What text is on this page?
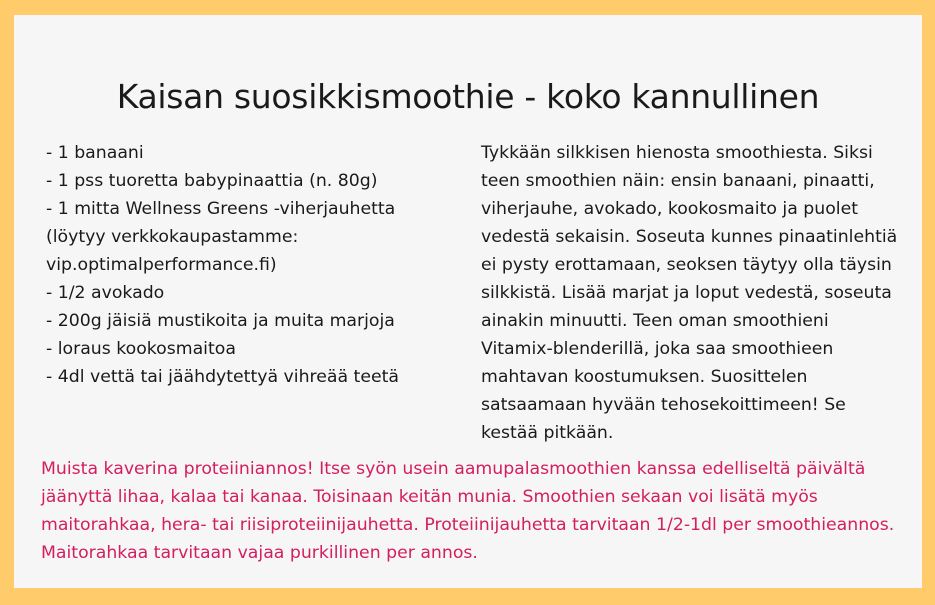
Kaisan suosikkismoothie - koko kannullinen
- 1 banaani
- 1 pss tuoretta babypinaattia (n. 80g)
- 1 mitta Wellness Greens -viherjauhetta
(löytyy verkkokaupastamme:
vip.optimalperformance.fi)
- 1/2 avokado
- 200g jäisiä mustikoita ja muita marjoja
- loraus kookosmaitoa
- 4dl vettä tai jäähdytettyä vihreää teetä

Tykkään silkkisen hienosta smoothiesta. Siksi teen smoothien näin: ensin banaani, pinaatti, viherjauhe, avokado, kookosmaito ja puolet vedestä sekaisin. Soseuta kunnes pinaatinlehtiä ei pysty erottamaan, seoksen täytyy olla täysin silkkistä. Lisää marjat ja loput vedestä, soseuta ainakin minuutti. Teen oman smoothieni Vitamix-blenderillä, joka saa smoothieen mahtavan koostumuksen. Suosittelen satsaamaan hyvään tehosekoittimeen! Se kestää pitkään.

Muista kaverina proteiiniannos! Itse syön usein aamupalasmoothien kanssa edelliseltä päivältä jäänyttä lihaa, kalaa tai kanaa. Toisinaan keitän munia. Smoothien sekaan voi lisätä myös maitorahkaa, hera- tai riisiproteiinijauhetta. Proteiinijauhetta tarvitaan 1/2-1dl per smoothieannos. Maitorahkaa tarvitaan vajaa purkillinen per annos.
